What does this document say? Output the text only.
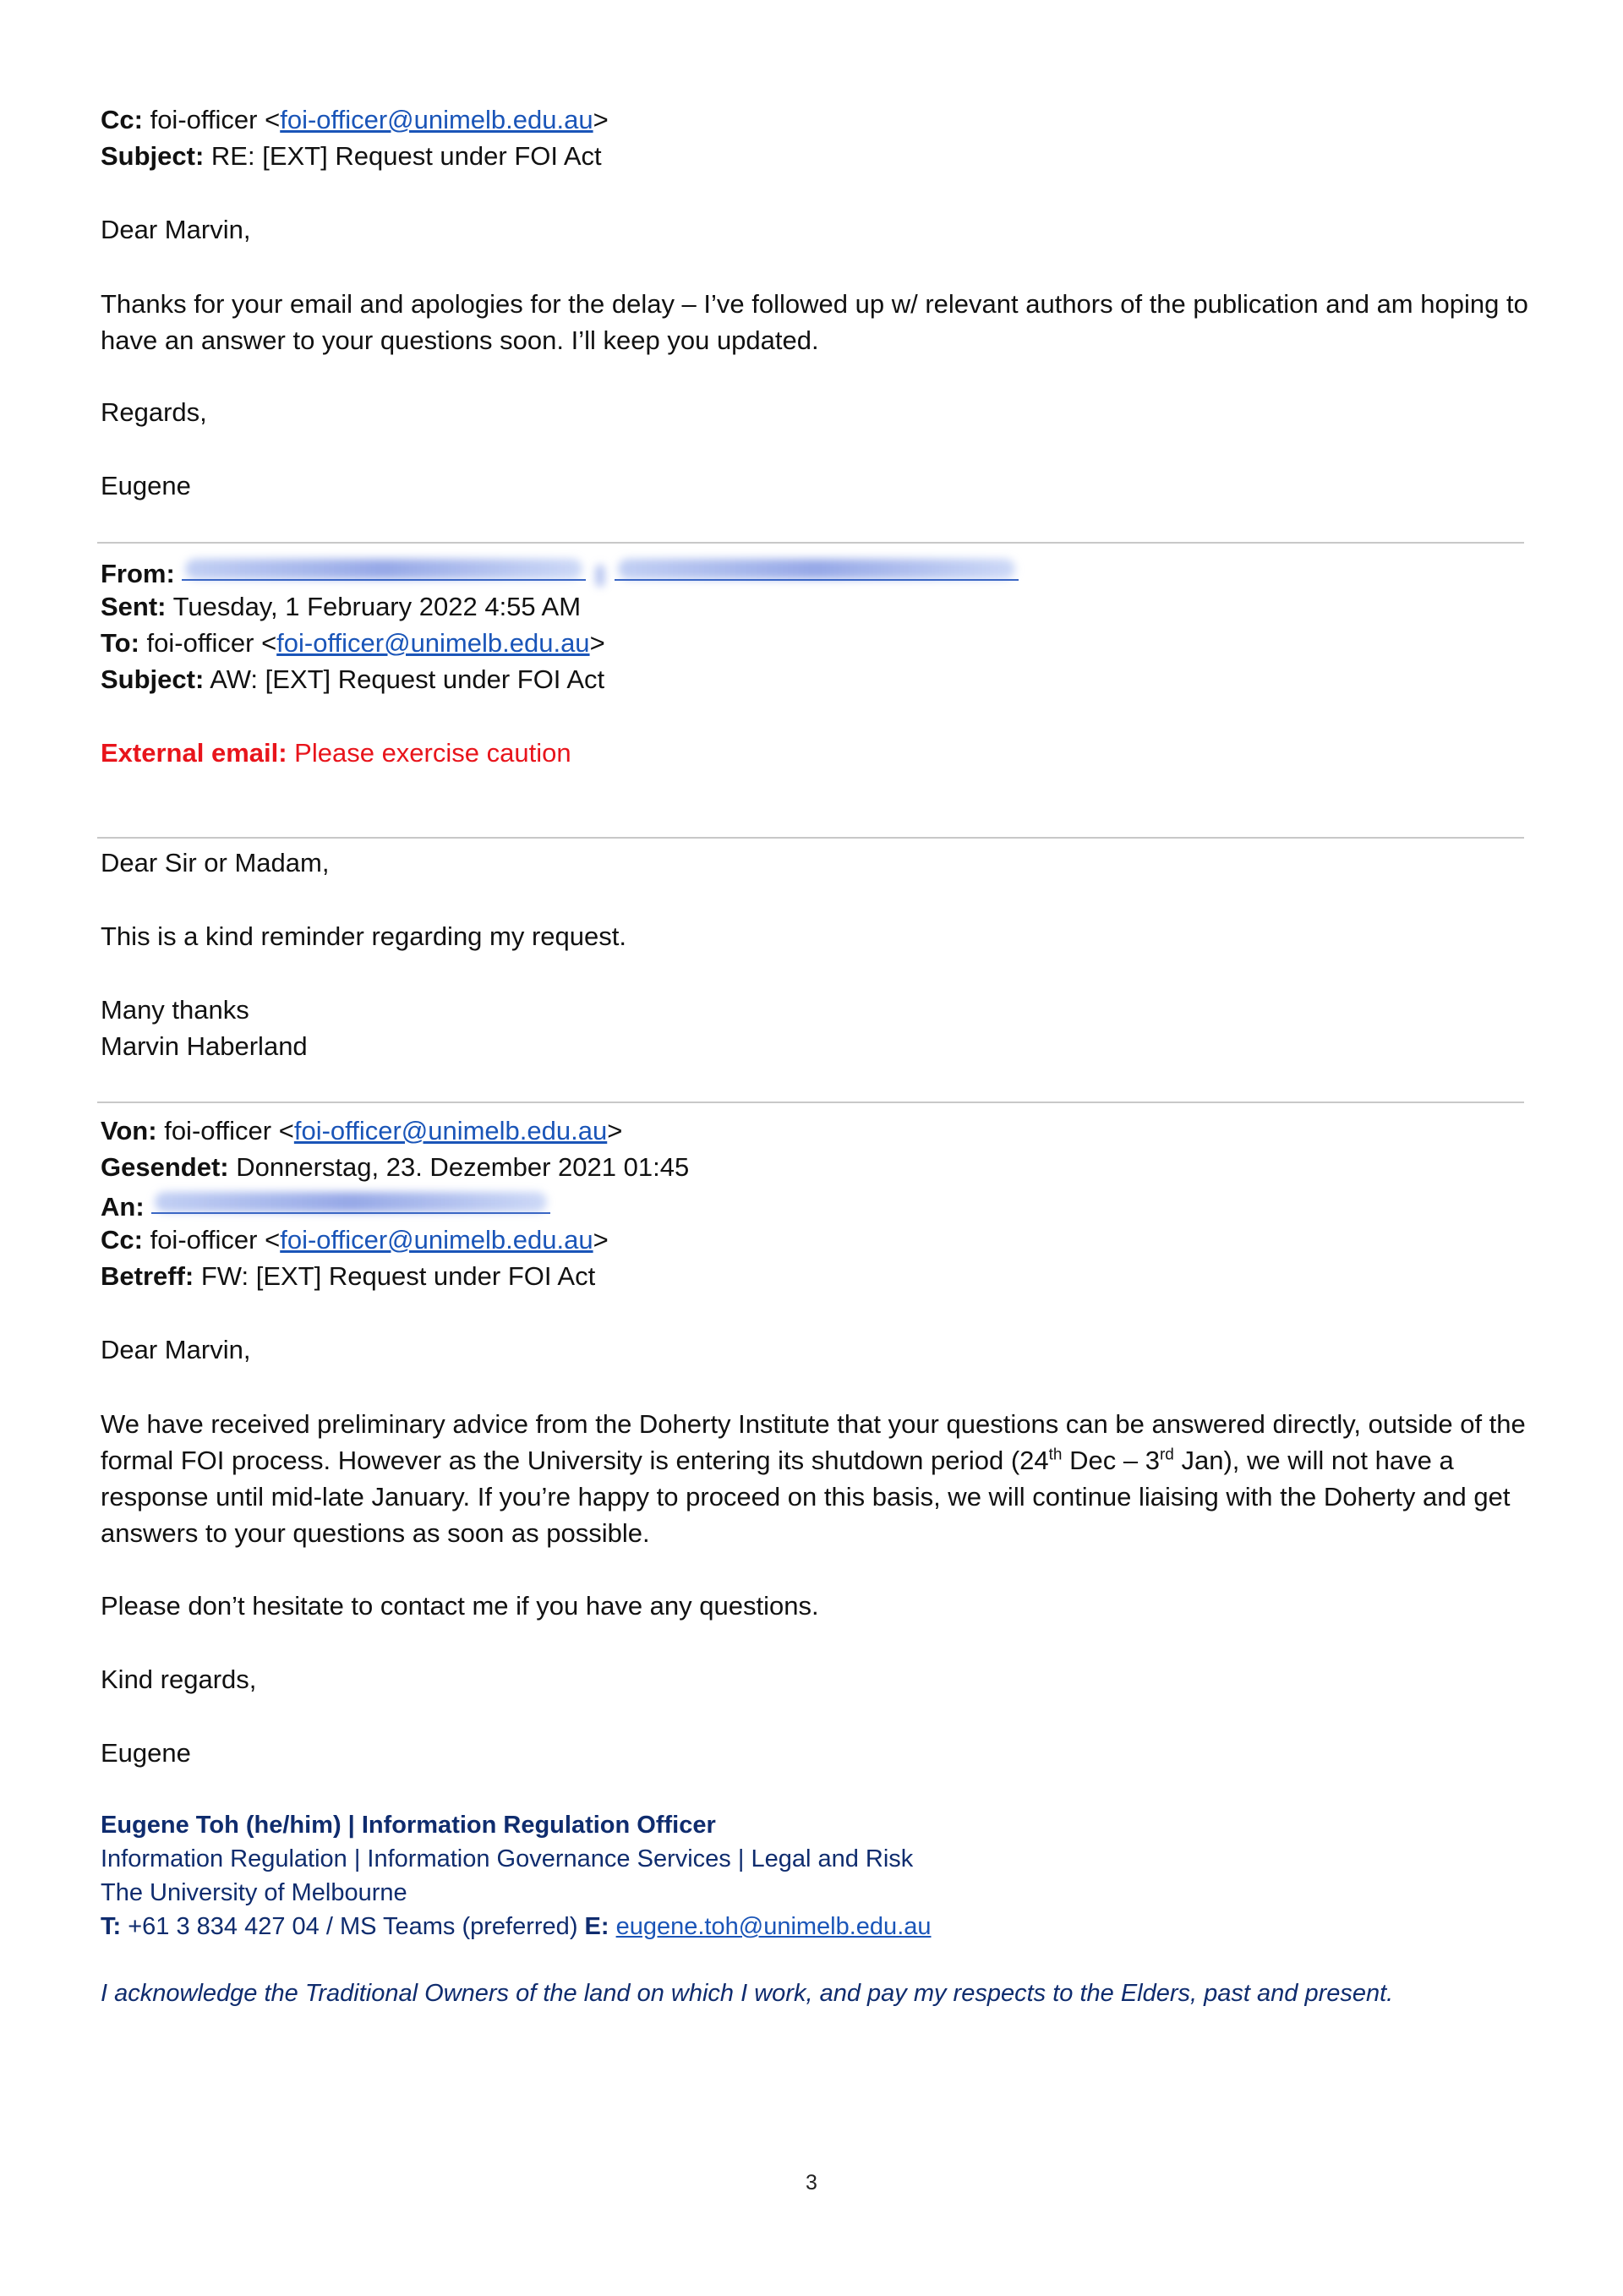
Cc: foi-officer <foi-officer@unimelb.edu.au>
Subject: RE: [EXT] Request under FOI Act
Dear Marvin,
Thanks for your email and apologies for the delay – I’ve followed up w/ relevant authors of the publication and am hoping to have an answer to your questions soon. I’ll keep you updated.
Regards,
Eugene
From:

Sent: Tuesday, 1 February 2022 4:55 AM
To: foi-officer <foi-officer@unimelb.edu.au>
Subject: AW: [EXT] Request under FOI Act
External email: Please exercise caution
Dear Sir or Madam,
This is a kind reminder regarding my request.
Many thanks
Marvin Haberland
Von: foi-officer <foi-officer@unimelb.edu.au>
Gesendet: Donnerstag, 23. Dezember 2021 01:45
An:
Cc: foi-officer <foi-officer@unimelb.edu.au>
Betreff: FW: [EXT] Request under FOI Act
Dear Marvin,
We have received preliminary advice from the Doherty Institute that your questions can be answered directly, outside of the formal FOI process. However as the University is entering its shutdown period (24th Dec – 3rd Jan), we will not have a response until mid-late January. If you’re happy to proceed on this basis, we will continue liaising with the Doherty and get answers to your questions as soon as possible.
Please don’t hesitate to contact me if you have any questions.
Kind regards,
Eugene
Eugene Toh (he/him) | Information Regulation Officer
Information Regulation | Information Governance Services | Legal and Risk
The University of Melbourne
T: +61 3 834 427 04 / MS Teams (preferred) E: eugene.toh@unimelb.edu.au
I acknowledge the Traditional Owners of the land on which I work, and pay my respects to the Elders, past and present.
3
